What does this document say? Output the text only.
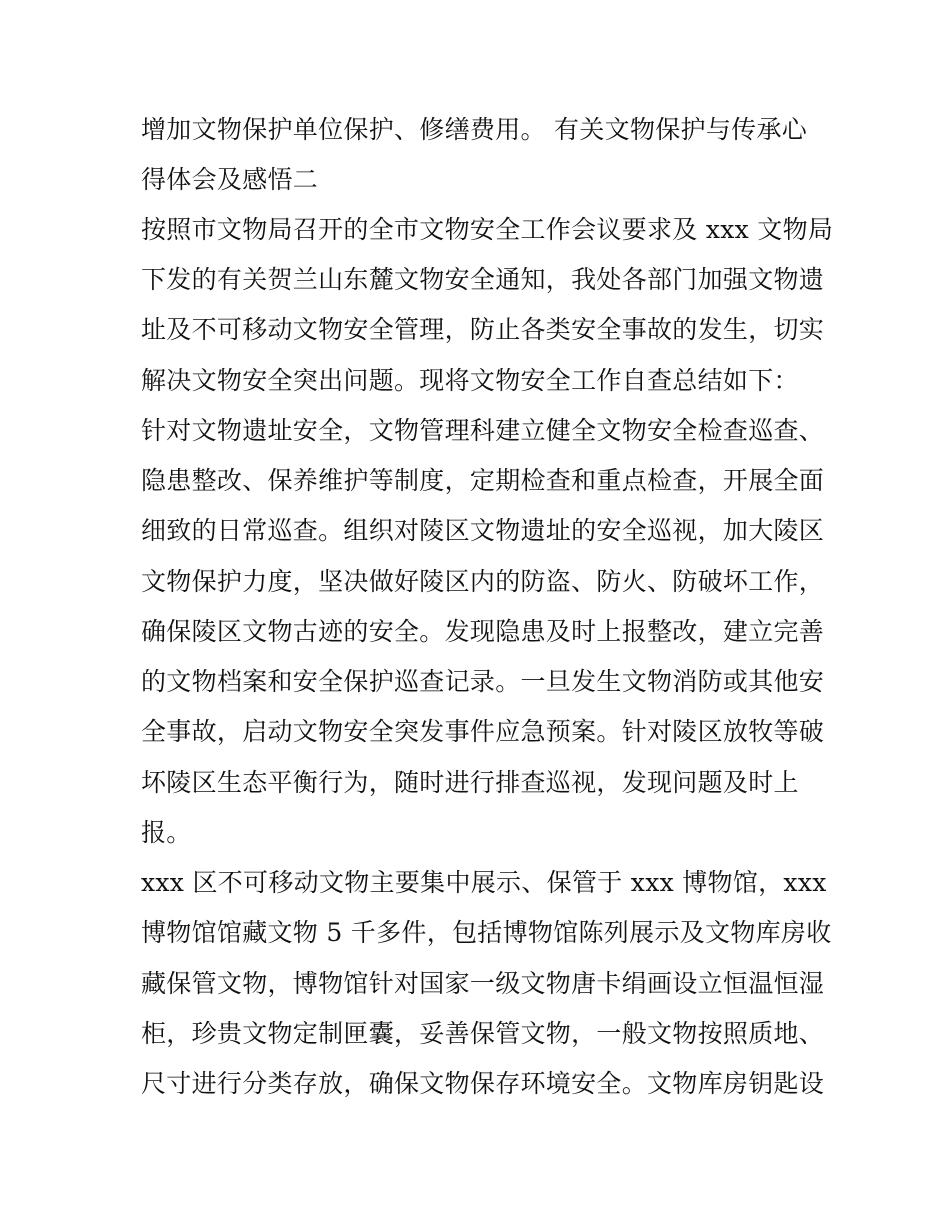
增加文物保护单位保护、修缮费用。 有关文物保护与传承心
得体会及感悟二
按照市文物局召开的全市文物安全工作会议要求及 xxx 文物局
下发的有关贺兰山东麓文物安全通知，我处各部门加强文物遗
址及不可移动文物安全管理，防止各类安全事故的发生，切实
解决文物安全突出问题。现将文物安全工作自查总结如下：
针对文物遗址安全，文物管理科建立健全文物安全检查巡查、
隐患整改、保养维护等制度，定期检查和重点检查，开展全面
细致的日常巡查。组织对陵区文物遗址的安全巡视，加大陵区
文物保护力度，坚决做好陵区内的防盗、防火、防破坏工作，
确保陵区文物古迹的安全。发现隐患及时上报整改，建立完善
的文物档案和安全保护巡查记录。一旦发生文物消防或其他安
全事故，启动文物安全突发事件应急预案。针对陵区放牧等破
坏陵区生态平衡行为，随时进行排查巡视，发现问题及时上
报。
xxx 区不可移动文物主要集中展示、保管于 xxx 博物馆，xxx
博物馆馆藏文物 5 千多件，包括博物馆陈列展示及文物库房收
藏保管文物，博物馆针对国家一级文物唐卡绢画设立恒温恒湿
柜，珍贵文物定制匣囊，妥善保管文物，一般文物按照质地、
尺寸进行分类存放，确保文物保存环境安全。文物库房钥匙设
